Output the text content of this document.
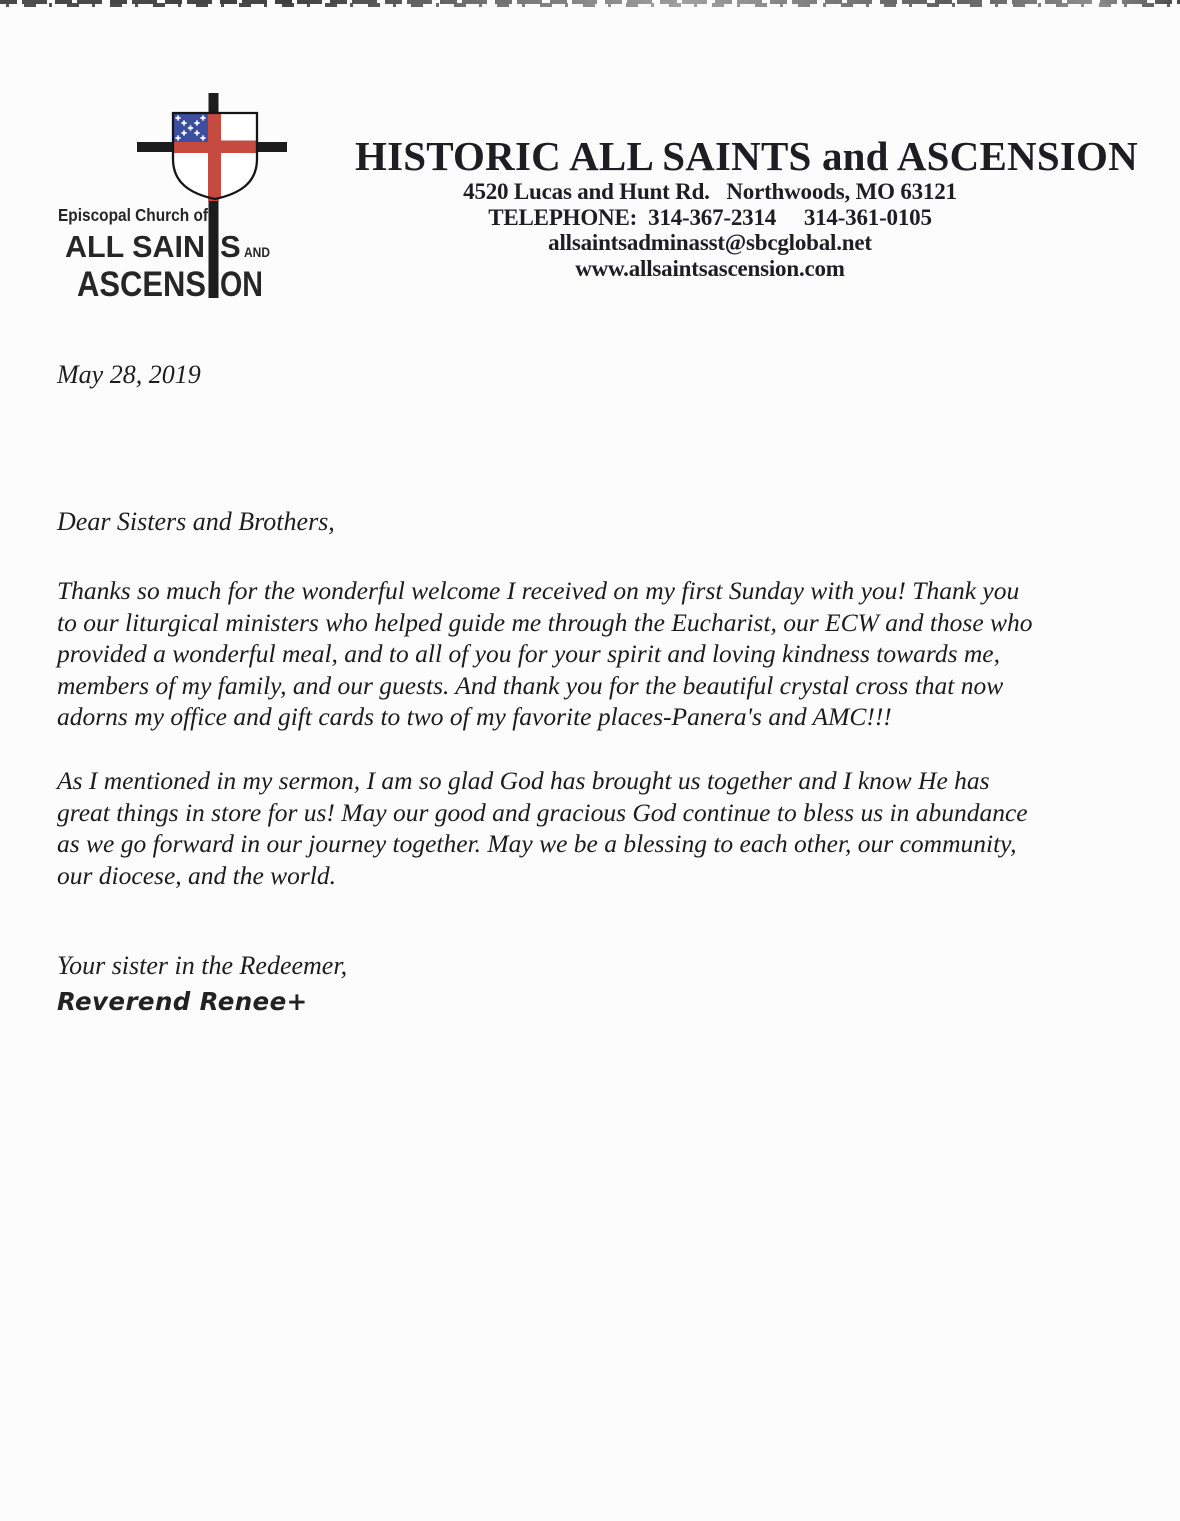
Episcopal Church of
ALL SAIN S AND
ASCENS ON
HISTORIC ALL SAINTS and ASCENSION
4520 Lucas and Hunt Rd.   Northwoods, MO 63121
TELEPHONE:  314-367-2314     314-361-0105
allsaintsadminasst@sbcglobal.net
www.allsaintsascension.com
May 28, 2019
Dear Sisters and Brothers,
Thanks so much for the wonderful welcome I received on my first Sunday with you! Thank you
to our liturgical ministers who helped guide me through the Eucharist, our ECW and those who
provided a wonderful meal, and to all of you for your spirit and loving kindness towards me,
members of my family, and our guests. And thank you for the beautiful crystal cross that now
adorns my office and gift cards to two of my favorite places-Panera's and AMC!!!
As I mentioned in my sermon, I am so glad God has brought us together and I know He has
great things in store for us! May our good and gracious God continue to bless us in abundance
as we go forward in our journey together. May we be a blessing to each other, our community,
our diocese, and the world.
Your sister in the Redeemer,
Reverend Renee+
